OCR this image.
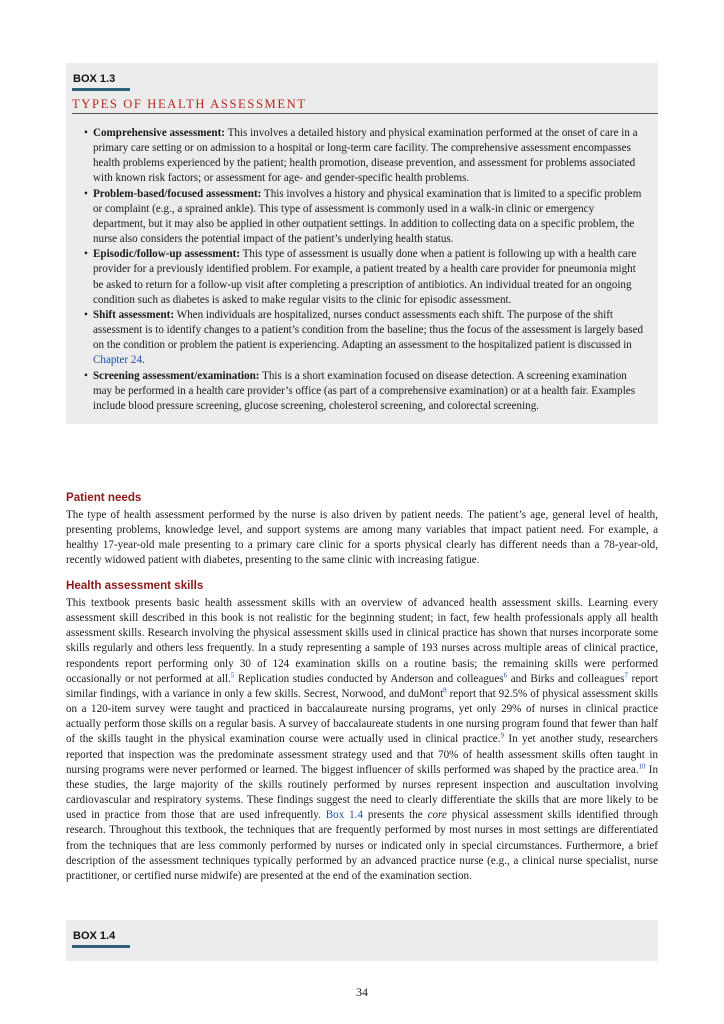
BOX 1.3
TYPES OF HEALTH ASSESSMENT
• Comprehensive assessment: This involves a detailed history and physical examination performed at the onset of care in a primary care setting or on admission to a hospital or long-term care facility. The comprehensive assessment encompasses health problems experienced by the patient; health promotion, disease prevention, and assessment for problems associated with known risk factors; or assessment for age- and gender-specific health problems.
• Problem-based/focused assessment: This involves a history and physical examination that is limited to a specific problem or complaint (e.g., a sprained ankle). This type of assessment is commonly used in a walk-in clinic or emergency department, but it may also be applied in other outpatient settings. In addition to collecting data on a specific problem, the nurse also considers the potential impact of the patient’s underlying health status.
• Episodic/follow-up assessment: This type of assessment is usually done when a patient is following up with a health care provider for a previously identified problem. For example, a patient treated by a health care provider for pneumonia might be asked to return for a follow-up visit after completing a prescription of antibiotics. An individual treated for an ongoing condition such as diabetes is asked to make regular visits to the clinic for episodic assessment.
• Shift assessment: When individuals are hospitalized, nurses conduct assessments each shift. The purpose of the shift assessment is to identify changes to a patient’s condition from the baseline; thus the focus of the assessment is largely based on the condition or problem the patient is experiencing. Adapting an assessment to the hospitalized patient is discussed in Chapter 24.
• Screening assessment/examination: This is a short examination focused on disease detection. A screening examination may be performed in a health care provider’s office (as part of a comprehensive examination) or at a health fair. Examples include blood pressure screening, glucose screening, cholesterol screening, and colorectal screening.
Patient needs
The type of health assessment performed by the nurse is also driven by patient needs. The patient’s age, general level of health, presenting problems, knowledge level, and support systems are among many variables that impact patient need. For example, a healthy 17-year-old male presenting to a primary care clinic for a sports physical clearly has different needs than a 78-year-old, recently widowed patient with diabetes, presenting to the same clinic with increasing fatigue.
Health assessment skills
This textbook presents basic health assessment skills with an overview of advanced health assessment skills. Learning every assessment skill described in this book is not realistic for the beginning student; in fact, few health professionals apply all health assessment skills. Research involving the physical assessment skills used in clinical practice has shown that nurses incorporate some skills regularly and others less frequently. In a study representing a sample of 193 nurses across multiple areas of clinical practice, respondents report performing only 30 of 124 examination skills on a routine basis; the remaining skills were performed occasionally or not performed at all.$^5$ Replication studies conducted by Anderson and colleagues$^6$ and Birks and colleagues$^7$ report similar findings, with a variance in only a few skills. Secrest, Norwood, and duMont$^8$ report that 92.5% of physical assessment skills on a 120-item survey were taught and practiced in baccalaureate nursing programs, yet only 29% of nurses in clinical practice actually perform those skills on a regular basis. A survey of baccalaureate students in one nursing program found that fewer than half of the skills taught in the physical examination course were actually used in clinical practice.$^9$ In yet another study, researchers reported that inspection was the predominate assessment strategy used and that 70% of health assessment skills often taught in nursing programs were never performed or learned. The biggest influencer of skills performed was shaped by the practice area.$^{10}$ In these studies, the large majority of the skills routinely performed by nurses represent inspection and auscultation involving cardiovascular and respiratory systems. These findings suggest the need to clearly differentiate the skills that are more likely to be used in practice from those that are used infrequently. Box 1.4 presents the core physical assessment skills identified through research. Throughout this textbook, the techniques that are frequently performed by most nurses in most settings are differentiated from the techniques that are less commonly performed by nurses or indicated only in special circumstances. Furthermore, a brief description of the assessment techniques typically performed by an advanced practice nurse (e.g., a clinical nurse specialist, nurse practitioner, or certified nurse midwife) are presented at the end of the examination section.
BOX 1.4
34
